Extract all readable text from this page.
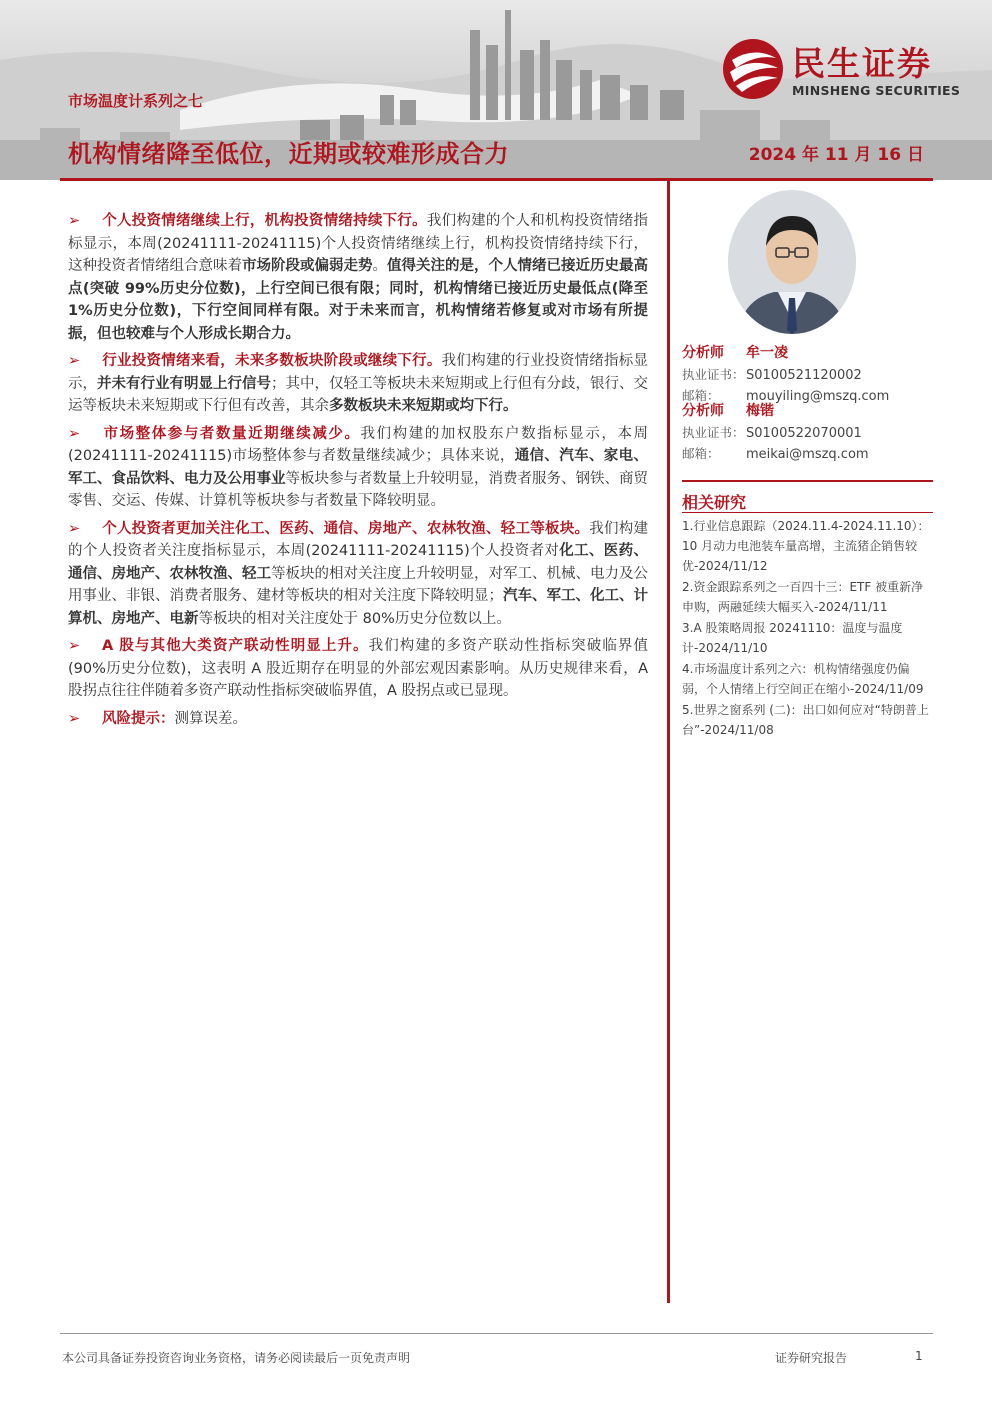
民生证券
MINSHENG SECURITIES
市场温度计系列之七
机构情绪降至低位，近期或较难形成合力	2024 年 11 月 16 日
➢ 个人投资情绪继续上行，机构投资情绪持续下行。我们构建的个人和机构投资情绪指标显示，本周(20241111-20241115)个人投资情绪继续上行，机构投资情绪持续下行，这种投资者情绪组合意味着市场阶段或偏弱走势。值得关注的是，个人情绪已接近历史最高点(突破 99%历史分位数)，上行空间已很有限；同时，机构情绪已接近历史最低点(降至 1%历史分位数)，下行空间同样有限。对于未来而言，机构情绪若修复或对市场有所提振，但也较难与个人形成长期合力。
➢ 行业投资情绪来看，未来多数板块阶段或继续下行。我们构建的行业投资情绪指标显示，并未有行业有明显上行信号；其中，仅轻工等板块未来短期或上行但有分歧，银行、交运等板块未来短期或下行但有改善，其余多数板块未来短期或均下行。
➢ 市场整体参与者数量近期继续减少。我们构建的加权股东户数指标显示，本周(20241111-20241115)市场整体参与者数量继续减少；具体来说，通信、汽车、家电、军工、食品饮料、电力及公用事业等板块参与者数量上升较明显，消费者服务、钢铁、商贸零售、交运、传媒、计算机等板块参与者数量下降较明显。
➢ 个人投资者更加关注化工、医药、通信、房地产、农林牧渔、轻工等板块。我们构建的个人投资者关注度指标显示，本周(20241111-20241115)个人投资者对化工、医药、通信、房地产、农林牧渔、轻工等板块的相对关注度上升较明显，对军工、机械、电力及公用事业、非银、消费者服务、建材等板块的相对关注度下降较明显；汽车、军工、化工、计算机、房地产、电新等板块的相对关注度处于 80%历史分位数以上。
➢ A 股与其他大类资产联动性明显上升。我们构建的多资产联动性指标突破临界值(90%历史分位数)，这表明 A 股近期存在明显的外部宏观因素影响。从历史规律来看，A 股拐点往往伴随着多资产联动性指标突破临界值，A 股拐点或已显现。
➢ 风险提示：测算误差。
分析师 牟一凌
执业证书：S0100521120002
邮箱： mouyiling@mszq.com
分析师 梅锴
执业证书：S0100522070001
邮箱： meikai@mszq.com
相关研究
1.行业信息跟踪（2024.11.4-2024.11.10）：10 月动力电池装车量高增，主流猪企销售较优-2024/11/12
2.资金跟踪系列之一百四十三：ETF 被重新净申购，两融延续大幅买入-2024/11/11
3.A 股策略周报 20241110：温度与温度计-2024/11/10
4.市场温度计系列之六：机构情绪强度仍偏弱，个人情绪上行空间正在缩小-2024/11/09
5.世界之窗系列 (二)：出口如何应对“特朗普上台”-2024/11/08
本公司具备证券投资咨询业务资格，请务必阅读最后一页免责声明	证券研究报告	1
